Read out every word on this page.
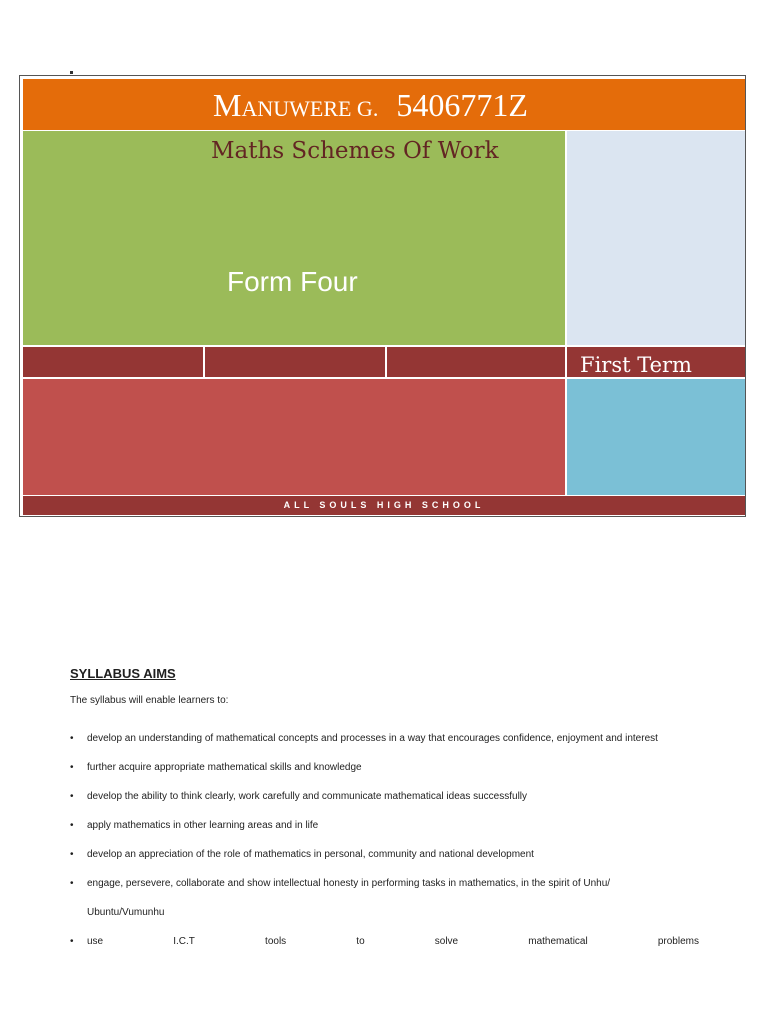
MANUWERE G. 5406771Z
Maths Schemes Of Work
Form Four
First Term
ALL SOULS HIGH SCHOOL
SYLLABUS AIMS
The syllabus will enable learners to:
• develop an understanding of mathematical concepts and processes in a way that encourages confidence, enjoyment and interest
• further acquire appropriate mathematical skills and knowledge
• develop the ability to think clearly, work carefully and communicate mathematical ideas successfully
• apply mathematics in other learning areas and in life
• develop an appreciation of the role of mathematics in personal, community and national development
• engage, persevere, collaborate and show intellectual honesty in performing tasks in mathematics, in the spirit of Unhu/
Ubuntu/Vumunhu
• use	I.C.T	tools	to	solve	mathematical	problems
